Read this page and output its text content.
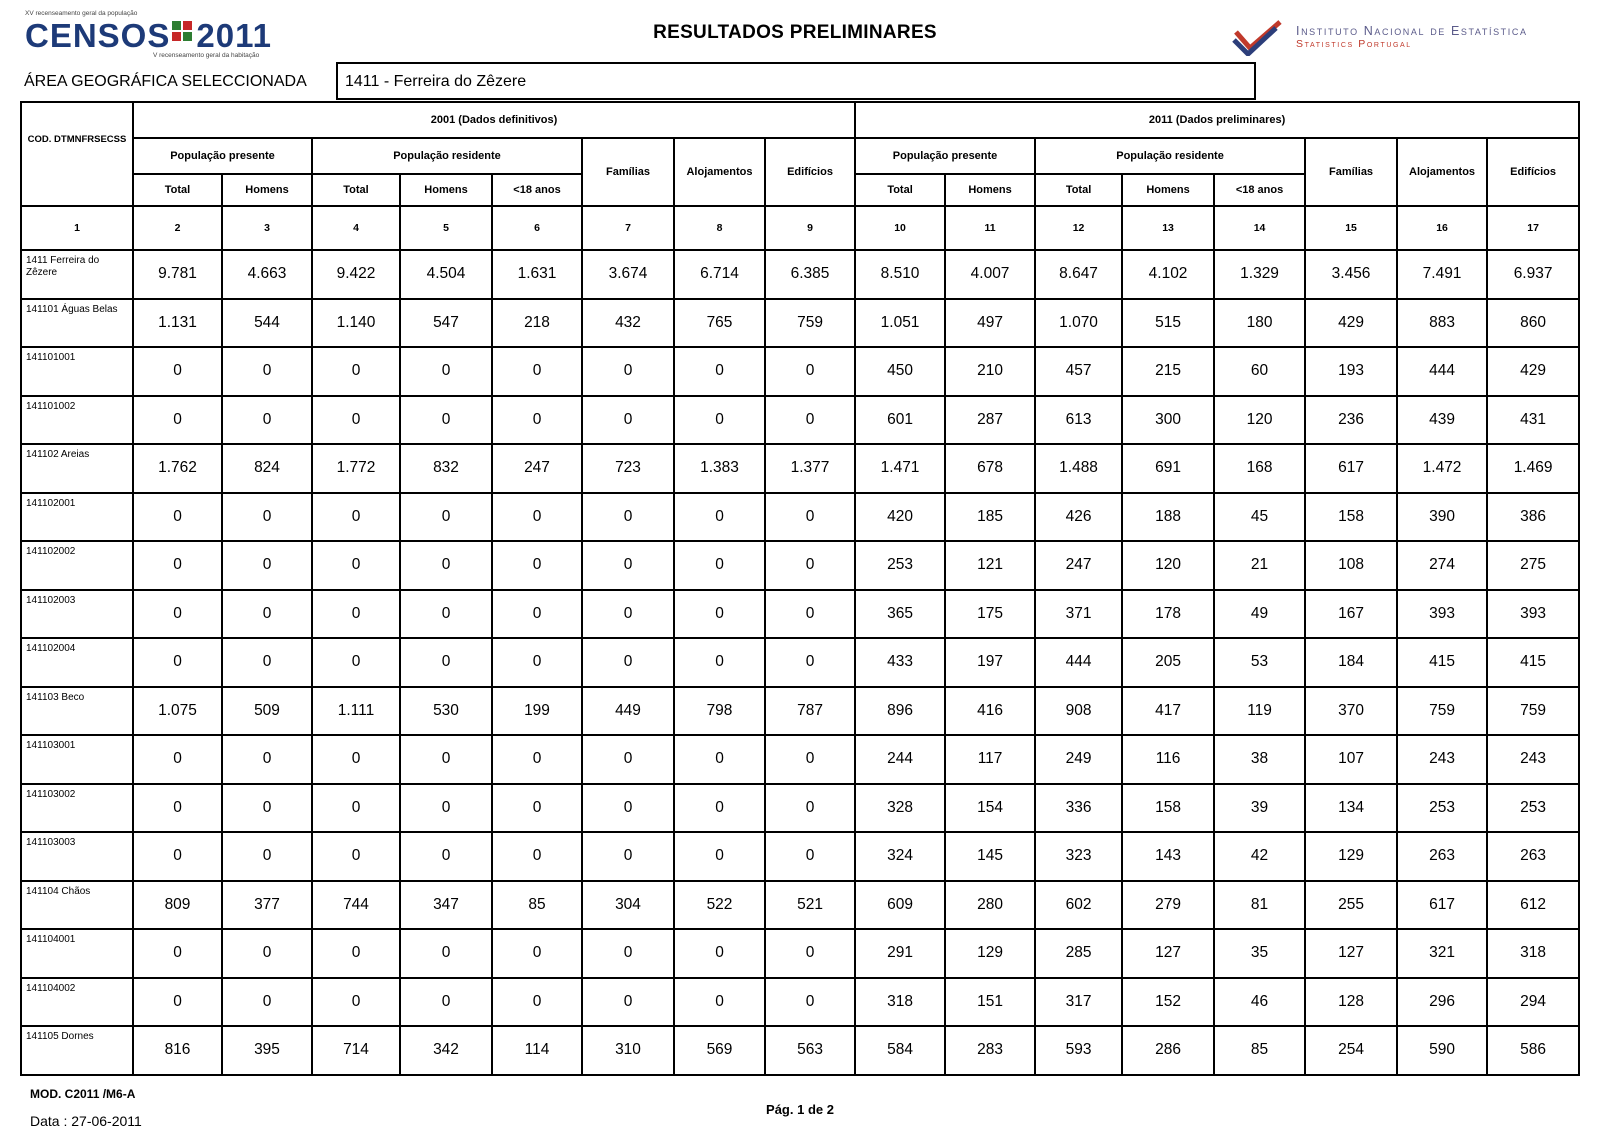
XV recenseamento geral da população
CENSOS 2011
V recenseamento geral da habitação
RESULTADOS PRELIMINARES	Instituto Nacional de Estatística
Statistics Portugal
ÁREA GEOGRÁFICA SELECCIONADA	1411 - Ferreira do Zêzere
COD. DTMNFRSECSS	2001 (Dados definitivos)								2011 (Dados preliminares)							
	População presente		População residente			Famílias	Alojamentos	Edifícios	População presente		População residente			Famílias	Alojamentos	Edifícios
	Total	Homens	Total	Homens	<18 anos				Total	Homens	Total	Homens	<18 anos			
1	2	3	4	5	6	7	8	9	10	11	12	13	14	15	16	17
1411 Ferreira do Zêzere	9.781	4.663	9.422	4.504	1.631	3.674	6.714	6.385	8.510	4.007	8.647	4.102	1.329	3.456	7.491	6.937
141101 Águas Belas	1.131	544	1.140	547	218	432	765	759	1.051	497	1.070	515	180	429	883	860
141101001	0	0	0	0	0	0	0	0	450	210	457	215	60	193	444	429
141101002	0	0	0	0	0	0	0	0	601	287	613	300	120	236	439	431
141102 Areias	1.762	824	1.772	832	247	723	1.383	1.377	1.471	678	1.488	691	168	617	1.472	1.469
141102001	0	0	0	0	0	0	0	0	420	185	426	188	45	158	390	386
141102002	0	0	0	0	0	0	0	0	253	121	247	120	21	108	274	275
141102003	0	0	0	0	0	0	0	0	365	175	371	178	49	167	393	393
141102004	0	0	0	0	0	0	0	0	433	197	444	205	53	184	415	415
141103 Beco	1.075	509	1.111	530	199	449	798	787	896	416	908	417	119	370	759	759
141103001	0	0	0	0	0	0	0	0	244	117	249	116	38	107	243	243
141103002	0	0	0	0	0	0	0	0	328	154	336	158	39	134	253	253
141103003	0	0	0	0	0	0	0	0	324	145	323	143	42	129	263	263
141104 Chãos	809	377	744	347	85	304	522	521	609	280	602	279	81	255	617	612
141104001	0	0	0	0	0	0	0	0	291	129	285	127	35	127	321	318
141104002	0	0	0	0	0	0	0	0	318	151	317	152	46	128	296	294
141105 Dornes	816	395	714	342	114	310	569	563	584	283	593	286	85	254	590	586
MOD. C2011 /M6-A
Pág. 1 de 2
Data : 27-06-2011
